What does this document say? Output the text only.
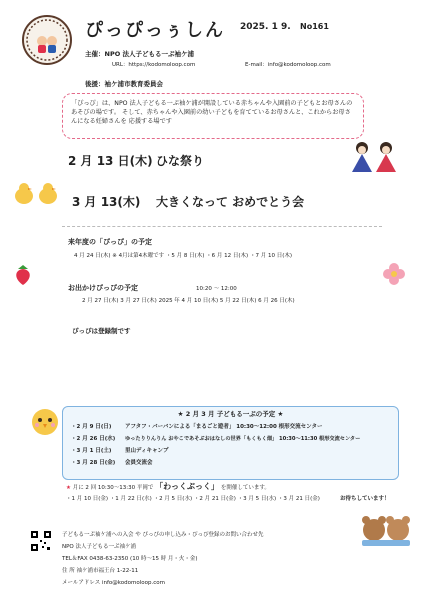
ぴっぴっぅしん 2025. 1 9. No161
主催：NPO 法人子どもる一ぷ袖ケ浦
URL：https://kodomoloop.com	E-mail：info@kodomoloop.com
後援：袖ケ浦市教育委員会
「ぴっぴ」は、NPO 法人子どもる一ぷ袖ケ浦が開設している赤ちゃんや入園前の子どもとお母さんの あそびの場です。 そして、赤ちゃんや入園前の幼い子どもを育てているお母さんと、これからお母さんになる妊婦さんを 応援する場です
2 月 13 日(木) ひな祭り
3 月 13(木) 大きくなって おめでとう会
来年度の「ぴっぴ」の予定
4 月 24 日(木) ※ 4月は第4木曜です ・5 月 8 日(木) ・6 月 12 日(木) ・7 月 10 日(木)
お出かけぴっぴの予定	10:20 〜 12:00
2 月 27 日(木) 3 月 27 日(木) 2025 年 4 月 10 日(木) 5 月 22 日(木) 6 月 26 日(木)
ぴっぴは登録制です
★ 2 月 3 月 子どもる一ぷの予定 ★
・2 月 9 日(日)	アフタフ・バーバンによる「まるごと遊者」 10:30〜12:00 根形交流センター
・2 月 26 日(水)	ゆったりりんりん おやこであそぶおはなしの世界「もくもく畑」 10:30〜11:30 根形交流センター
・3 月 1 日(土)	里山ディキャンプ
・3 月 28 日(金)	会員交流会
★ 月に 2 回 10:30〜13:30 平岡で 「わっくぷっく」 を開催しています。
・1 月 10 日(金) ・1 月 22 日(水) ・2 月 5 日(水) ・2 月 21 日(金) ・3 月 5 日(水) ・3 月 21 日(金)	お待ちしています！
子どもる一ぷ袖ケ浦への入会 や ぴっぴの申し込み・ぴっぴ登録のお問い合わせ先
NPO 法人子どもる一ぷ袖ケ浦
TEL＆FAX 0438-63-2350 (10 時〜15 時 月・火・金)
住 所 袖ケ浦市福王台 1-22-11
メールアドレス info@kodomoloop.com
